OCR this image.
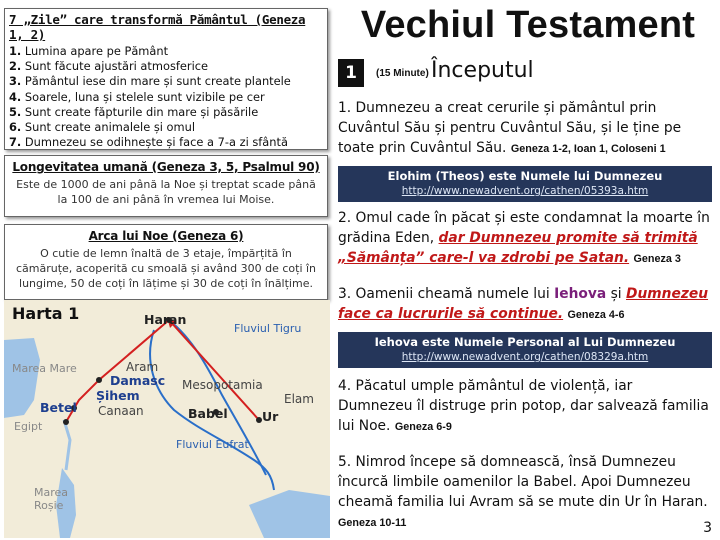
7 „Zile” care transformă Pământul (Geneza 1, 2)
1. Lumina apare pe Pământ
2. Sunt făcute ajustări atmosferice
3. Pământul iese din mare și sunt create plantele
4. Soarele, luna și stelele sunt vizibile pe cer
5. Sunt create făpturile din mare și păsările
6. Sunt create animalele și omul
7. Dumnezeu se odihnește și face a 7-a zi sfântă
Longevitatea umană (Geneza 3, 5, Psalmul 90)
Este de 1000 de ani până la Noe și treptat scade până la 100 de ani până în vremea lui Moise.
Arca lui Noe (Geneza 6)
O cutie de lemn înaltă de 3 etaje, împărțită în cămăruțe, acoperită cu smoală și având 300 de coți în lungime, 50 de coți în lățime și 30 de coți în înălțime.
Harta 1
Marea Mare
Egipt
Marea Roșie
Haran
Aram
Damasc
Șihem
Betel Canaan
Mesopotamia
Elam
Babel	Ur
Fluviul Tigru
Fluviul Eufrat
Vechiul Testament
1	(15 Minute) Începutul
1. Dumnezeu a creat cerurile și pământul prin Cuvântul Său și pentru Cuvântul Său, și le ține pe toate prin Cuvântul Său. Geneza 1-2, Ioan 1, Coloseni 1
Elohim (Theos) este Numele lui Dumnezeu
http://www.newadvent.org/cathen/05393a.htm
2. Omul cade în păcat și este condamnat la moarte în grădina Eden, dar Dumnezeu promite să trimită „Sămânța” care-l va zdrobi pe Satan. Geneza 3
3. Oamenii cheamă numele lui Iehova și Dumnezeu face ca lucrurile să continue. Geneza 4-6
Iehova este Numele Personal al Lui Dumnezeu
http://www.newadvent.org/cathen/08329a.htm
4. Păcatul umple pământul de violență, iar Dumnezeu îl distruge prin potop, dar salvează familia lui Noe. Geneza 6-9
5. Nimrod începe să domnească, însă Dumnezeu încurcă limbile oamenilor la Babel. Apoi Dumnezeu cheamă familia lui Avram să se mute din Ur în Haran. Geneza 10-11	3
